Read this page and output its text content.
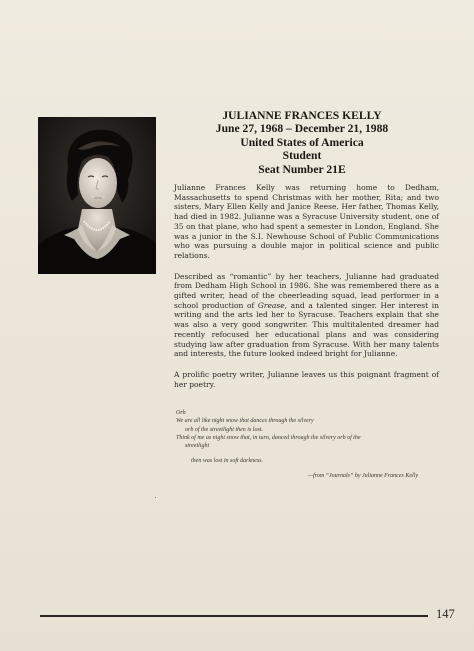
JULIANNE FRANCES KELLY
June 27, 1968 – December 21, 1988
United States of America
Student
Seat Number 21E

Julianne Frances Kelly was returning home to Dedham, Massachusetts to spend Christmas with her mother, Rita; and two sisters, Mary Ellen Kelly and Janice Reese. Her father, Thomas Kelly, had died in 1982. Julianne was a Syracuse University student, one of 35 on that plane, who had spent a semester in London, England. She was a junior in the S.I. Newhouse School of Public Communications who was pursuing a double major in political science and public relations.

Described as “romantic” by her teachers, Julianne had graduated from Dedham High School in 1986. She was remembered there as a gifted writer, head of the cheerleading squad, lead performer in a school production of Grease, and a talented singer. Her interest in writing and the arts led her to Syracuse. Teachers explain that she was also a very good songwriter. This multitalented dreamer had recently refocused her educational plans and was considering studying law after graduation from Syracuse. With her many talents and interests, the future looked indeed bright for Julianne.

A prolific poetry writer, Julianne leaves us this poignant fragment of her poetry.

Orb
We are all like night snow that dances through the silvery
orb of the streetlight then is lost.
Think of me as night snow that, in turn, danced through the silvery orb of the
streetlight
then was lost in soft darkness.
—from “Journals” by Julianne Frances Kelly
147
